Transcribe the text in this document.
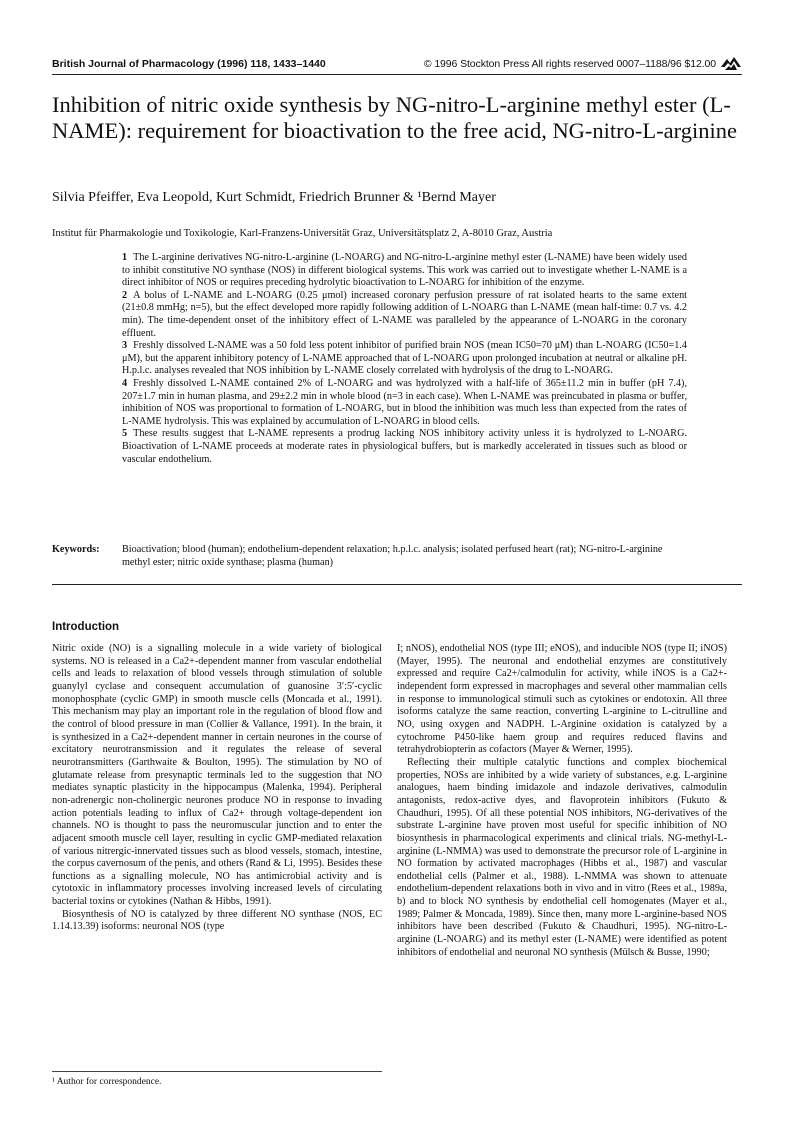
British Journal of Pharmacology (1996) 118, 1433–1440	© 1996 Stockton Press All rights reserved 0007–1188/96 $12.00
Inhibition of nitric oxide synthesis by NG-nitro-L-arginine methyl ester (L-NAME): requirement for bioactivation to the free acid, NG-nitro-L-arginine
Silvia Pfeiffer, Eva Leopold, Kurt Schmidt, Friedrich Brunner & ¹Bernd Mayer
Institut für Pharmakologie und Toxikologie, Karl-Franzens-Universität Graz, Universitätsplatz 2, A-8010 Graz, Austria

1 The L-arginine derivatives NG-nitro-L-arginine (L-NOARG) and NG-nitro-L-arginine methyl ester (L-NAME) have been widely used to inhibit constitutive NO synthase (NOS) in different biological systems. This work was carried out to investigate whether L-NAME is a direct inhibitor of NOS or requires preceding hydrolytic bioactivation to L-NOARG for inhibition of the enzyme.

2 A bolus of L-NAME and L-NOARG (0.25 μmol) increased coronary perfusion pressure of rat isolated hearts to the same extent (21±0.8 mmHg; n=5), but the effect developed more rapidly following addition of L-NOARG than L-NAME (mean half-time: 0.7 vs. 4.2 min). The time-dependent onset of the inhibitory effect of L-NAME was paralleled by the appearance of L-NOARG in the coronary effluent.

3 Freshly dissolved L-NAME was a 50 fold less potent inhibitor of purified brain NOS (mean IC50=70 μM) than L-NOARG (IC50=1.4 μM), but the apparent inhibitory potency of L-NAME approached that of L-NOARG upon prolonged incubation at neutral or alkaline pH. H.p.l.c. analyses revealed that NOS inhibition by L-NAME closely correlated with hydrolysis of the drug to L-NOARG.

4 Freshly dissolved L-NAME contained 2% of L-NOARG and was hydrolyzed with a half-life of 365±11.2 min in buffer (pH 7.4), 207±1.7 min in human plasma, and 29±2.2 min in whole blood (n=3 in each case). When L-NAME was preincubated in plasma or buffer, inhibition of NOS was proportional to formation of L-NOARG, but in blood the inhibition was much less than expected from the rates of L-NAME hydrolysis. This was explained by accumulation of L-NOARG in blood cells.

5 These results suggest that L-NAME represents a prodrug lacking NOS inhibitory activity unless it is hydrolyzed to L-NOARG. Bioactivation of L-NAME proceeds at moderate rates in physiological buffers, but is markedly accelerated in tissues such as blood or vascular endothelium.

Keywords: Bioactivation; blood (human); endothelium-dependent relaxation; h.p.l.c. analysis; isolated perfused heart (rat); NG-nitro-L-arginine methyl ester; nitric oxide synthase; plasma (human)
Introduction

Nitric oxide (NO) is a signalling molecule in a wide variety of biological systems. NO is released in a Ca2+-dependent manner from vascular endothelial cells and leads to relaxation of blood vessels through stimulation of soluble guanylyl cyclase and consequent accumulation of guanosine 3′:5′-cyclic monophosphate (cyclic GMP) in smooth muscle cells (Moncada et al., 1991). This mechanism may play an important role in the regulation of blood flow and the control of blood pressure in man (Collier & Vallance, 1991). In the brain, it is synthesized in a Ca2+-dependent manner in certain neurones in the course of excitatory neurotransmission and it regulates the release of several neurotransmitters (Garthwaite & Boulton, 1995). The stimulation by NO of glutamate release from presynaptic terminals led to the suggestion that NO mediates synaptic plasticity in the hippocampus (Malenka, 1994). Peripheral non-adrenergic non-cholinergic neurones produce NO in response to invading action potentials leading to influx of Ca2+ through voltage-dependent ion channels. NO is thought to pass the neuromuscular junction and to enter the adjacent smooth muscle cell layer, resulting in cyclic GMP-mediated relaxation of various nitrergic-innervated tissues such as blood vessels, stomach, intestine, the corpus cavernosum of the penis, and others (Rand & Li, 1995). Besides these functions as a signalling molecule, NO has antimicrobial activity and is cytotoxic in inflammatory processes involving increased levels of circulating bacterial toxins or cytokines (Nathan & Hibbs, 1991).

Biosynthesis of NO is catalyzed by three different NO synthase (NOS, EC 1.14.13.39) isoforms: neuronal NOS (type

I; nNOS), endothelial NOS (type III; eNOS), and inducible NOS (type II; iNOS) (Mayer, 1995). The neuronal and endothelial enzymes are constitutively expressed and require Ca2+/calmodulin for activity, while iNOS is a Ca2+-independent form expressed in macrophages and several other mammalian cells in response to immunological stimuli such as cytokines or endotoxin. All three isoforms catalyze the same reaction, converting L-arginine to L-citrulline and NO, using oxygen and NADPH. L-Arginine oxidation is catalyzed by a cytochrome P450-like haem group and requires reduced flavins and tetrahydrobiopterin as cofactors (Mayer & Werner, 1995).

Reflecting their multiple catalytic functions and complex biochemical properties, NOSs are inhibited by a wide variety of substances, e.g. L-arginine analogues, haem binding imidazole and indazole derivatives, calmodulin antagonists, redox-active dyes, and flavoprotein inhibitors (Fukuto & Chaudhuri, 1995). Of all these potential NOS inhibitors, NG-derivatives of the substrate L-arginine have proven most useful for specific inhibition of NO biosynthesis in pharmacological experiments and clinical trials. NG-methyl-L-arginine (L-NMMA) was used to demonstrate the precursor role of L-arginine in NO formation by activated macrophages (Hibbs et al., 1987) and vascular endothelial cells (Palmer et al., 1988). L-NMMA was shown to attenuate endothelium-dependent relaxations both in vivo and in vitro (Rees et al., 1989a, b) and to block NO synthesis by endothelial cell homogenates (Mayer et al., 1989; Palmer & Moncada, 1989). Since then, many more L-arginine-based NOS inhibitors have been described (Fukuto & Chaudhuri, 1995). NG-nitro-L-arginine (L-NOARG) and its methyl ester (L-NAME) were identified as potent inhibitors of endothelial and neuronal NO synthesis (Mülsch & Busse, 1990;

¹ Author for correspondence.
